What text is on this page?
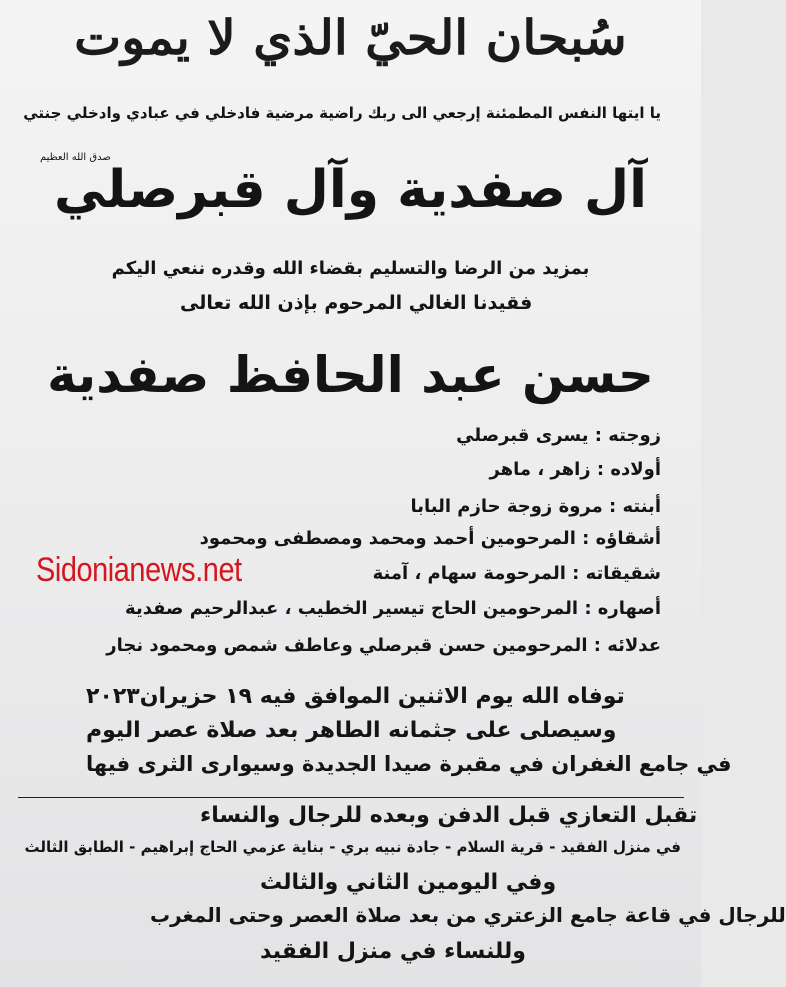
سُبحان الحيّ الذي لا يموت
يا ايتها النفس المطمئنة إرجعي الى ربك راضية مرضية فادخلي في عبادي وادخلي جنتي
صدق الله العظيم
آل صفدية وآل قبرصلي
بمزيد من الرضا والتسليم بقضاء الله وقدره ننعي اليكم
فقيدنا الغالي المرحوم بإذن الله تعالى
حسن عبد الحافظ صفدية
زوجته : يسرى قبرصلي
أولاده : زاهر ، ماهر
أبنته : مروة زوجة حازم البابا
أشقاؤه : المرحومين أحمد ومحمد ومصطفى ومحمود
شقيقاته : المرحومة سهام ، آمنة
أصهاره : المرحومين الحاج تيسير الخطيب ، عبدالرحيم صفدية
عدلائه : المرحومين حسن قبرصلي وعاطف شمص ومحمود نجار
Sidonianews.net
توفاه الله يوم الاثنين الموافق فيه ١٩ حزيران٢٠٢٣
وسيصلى على جثمانه الطاهر بعد صلاة عصر اليوم
في جامع الغفران في مقبرة صيدا الجديدة وسيوارى الثرى فيها
تقبل التعازي قبل الدفن وبعده للرجال والنساء
في منزل الفقيد - قرية السلام - جادة نبيه بري - بناية عزمي الحاج إبراهيم - الطابق الثالث
وفي اليومين الثاني والثالث
للرجال في قاعة جامع الزعتري من بعد صلاة العصر وحتى المغرب
وللنساء في منزل الفقيد
